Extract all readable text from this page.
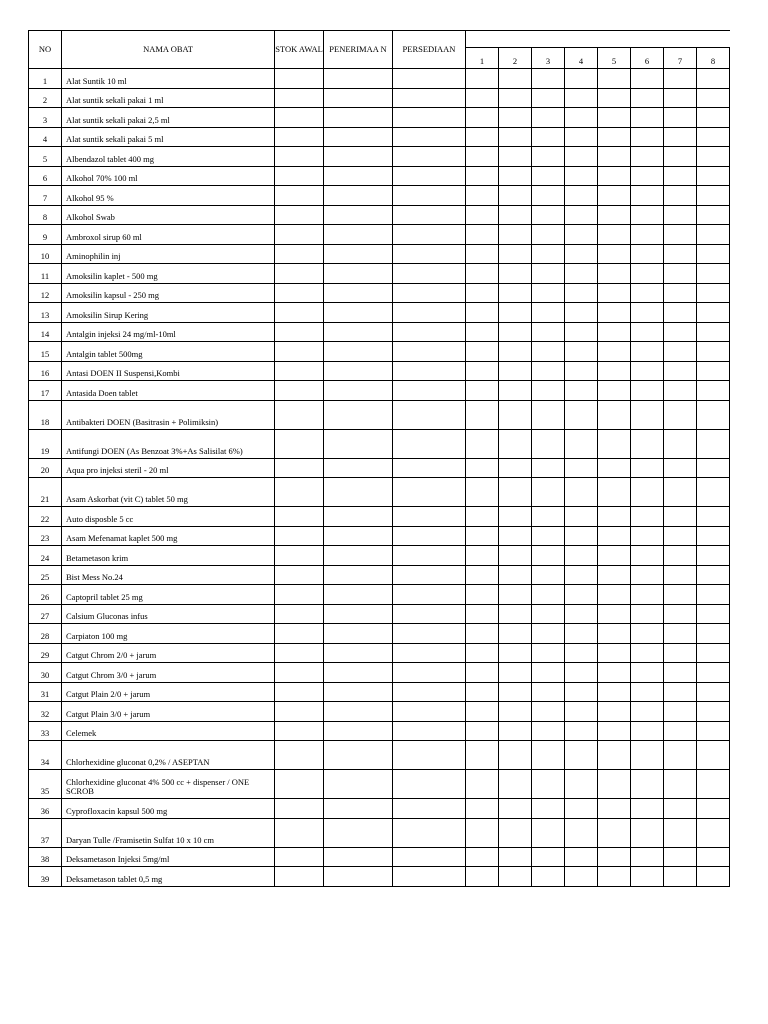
NO	NAMA OBAT	STOK AWAL	PENERIMAA N	PERSEDIAAN								
					1	2	3	4	5	6	7	8
1	Alat Suntik 10 ml											
2	Alat suntik sekali pakai 1 ml											
3	Alat suntik sekali pakai 2,5 ml											
4	Alat suntik sekali pakai 5 ml											
5	Albendazol tablet 400 mg											
6	Alkohol 70% 100 ml											
7	Alkohol 95 %											
8	Alkohol Swab											
9	Ambroxol sirup 60 ml											
10	Aminophilin inj											
11	Amoksilin kaplet - 500 mg											
12	Amoksilin kapsul - 250 mg											
13	Amoksilin Sirup Kering											
14	Antalgin injeksi 24 mg/ml-10ml											
15	Antalgin tablet 500mg											
16	Antasi DOEN II Suspensi,Kombi											
17	Antasida Doen tablet											
18	Antibakteri DOEN (Basitrasin + Polimiksin)											
19	Antifungi DOEN (As Benzoat 3%+As Salisilat 6%)											
20	Aqua pro injeksi steril - 20 ml											
21	Asam Askorbat (vit C) tablet 50 mg											
22	Auto disposble 5 cc											
23	Asam Mefenamat kaplet 500 mg											
24	Betametason krim											
25	Bist Mess No.24											
26	Captopril tablet 25 mg											
27	Calsium Gluconas infus											
28	Carpiaton 100 mg											
29	Catgut Chrom 2/0 + jarum											
30	Catgut Chrom 3/0 + jarum											
31	Catgut Plain 2/0 + jarum											
32	Catgut Plain 3/0 + jarum											
33	Celemek											
34	Chlorhexidine gluconat 0,2% / ASEPTAN											
35	Chlorhexidine gluconat 4% 500 cc + dispenser / ONE SCROB											
36	Cyprofloxacin kapsul 500 mg											
37	Daryan Tulle /Framisetin Sulfat 10 x 10 cm											
38	Deksametason Injeksi 5mg/ml											
39	Deksametason tablet 0,5 mg											
